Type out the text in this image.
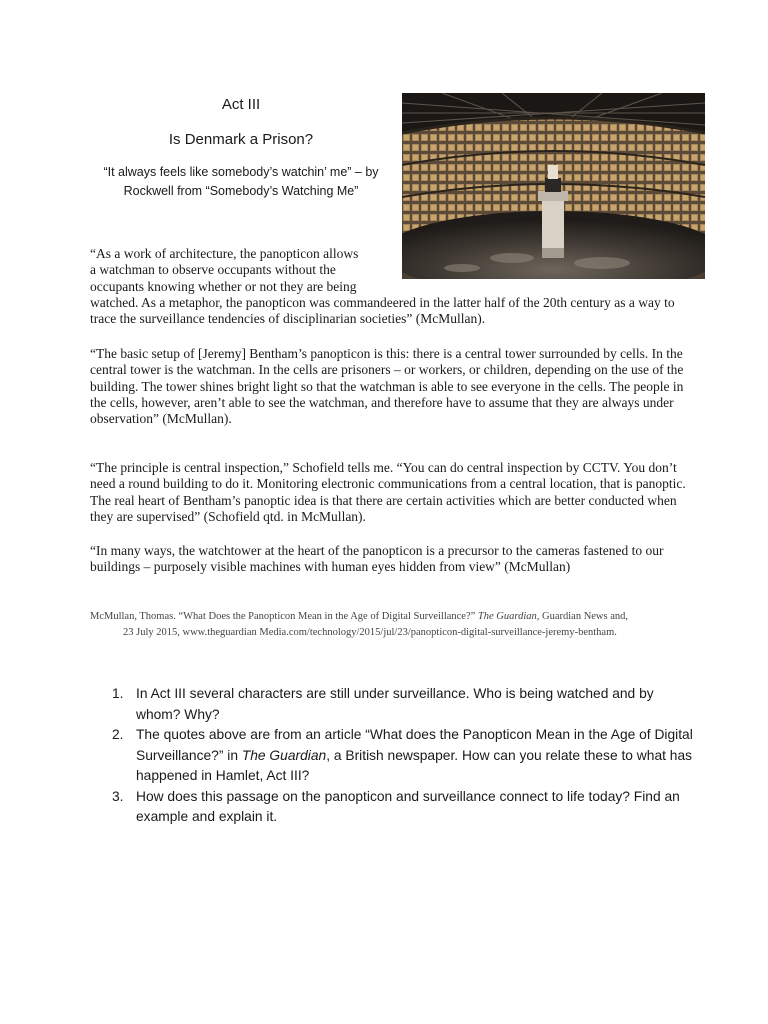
Act III
Is Denmark a Prison?
“It always feels like somebody’s watchin’ me” – by
Rockwell from “Somebody’s Watching Me”
“As a work of architecture, the panopticon allows
a watchman to observe occupants without the
occupants knowing whether or not they are being
watched. As a metaphor, the panopticon was commandeered in the latter half of the 20th century as a way to trace the surveillance tendencies of disciplinarian societies” (McMullan).

“The basic setup of [Jeremy] Bentham’s panopticon is this: there is a central tower surrounded by cells. In the central tower is the watchman. In the cells are prisoners – or workers, or children, depending on the use of the building. The tower shines bright light so that the watchman is able to see everyone in the cells. The people in the cells, however, aren’t able to see the watchman, and therefore have to assume that they are always under observation” (McMullan).

“The principle is central inspection,” Schofield tells me. “You can do central inspection by CCTV. You don’t need a round building to do it. Monitoring electronic communications from a central location, that is panoptic. The real heart of Bentham’s panoptic idea is that there are certain activities which are better conducted when they are supervised” (Schofield qtd. in McMullan).

“In many ways, the watchtower at the heart of the panopticon is a precursor to the cameras fastened to our buildings – purposely visible machines with human eyes hidden from view” (McMullan)

McMullan, Thomas. “What Does the Panopticon Mean in the Age of Digital Surveillance?” The Guardian, Guardian News and,
23 July 2015, www.theguardian Media.com/technology/2015/jul/23/panopticon-digital-surveillance-jeremy-bentham.
1. In Act III several characters are still under surveillance. Who is being watched and by whom? Why?
2. The quotes above are from an article “What does the Panopticon Mean in the Age of Digital Surveillance?” in The Guardian, a British newspaper. How can you relate these to what has happened in Hamlet, Act III?
3. How does this passage on the panopticon and surveillance connect to life today? Find an example and explain it.
